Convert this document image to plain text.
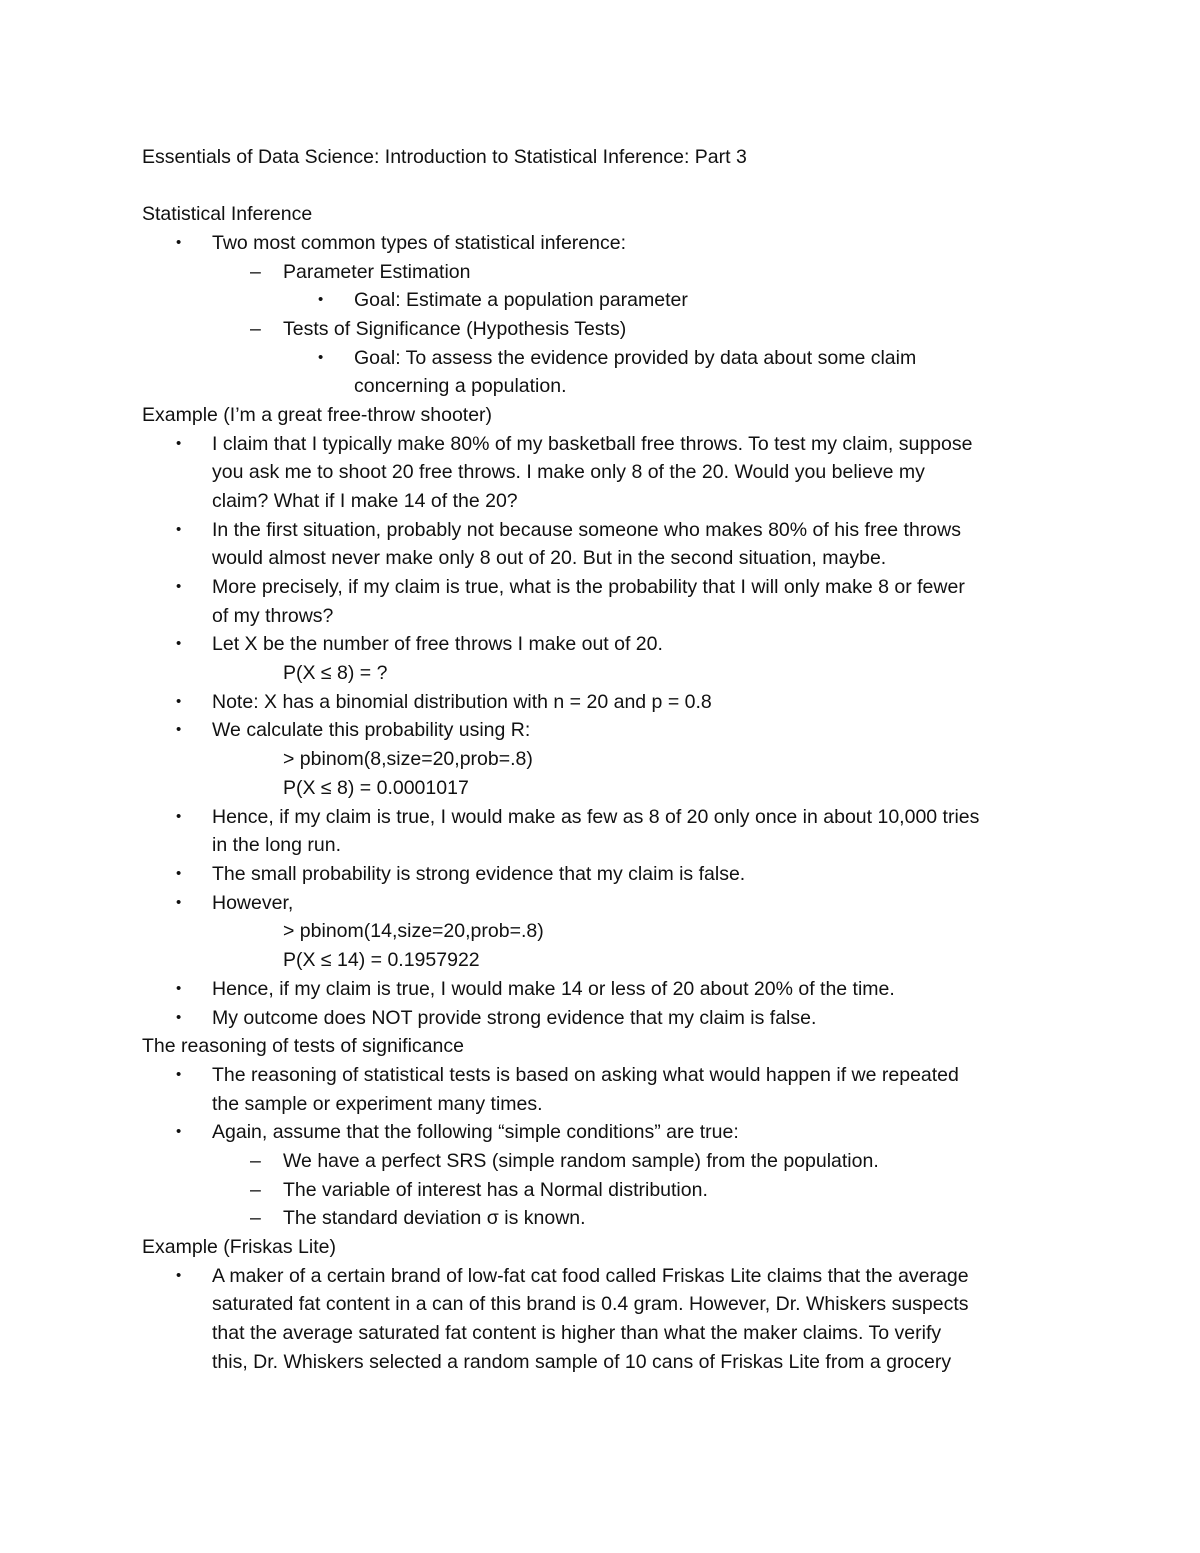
Essentials of Data Science: Introduction to Statistical Inference: Part 3
Statistical Inference
• Two most common types of statistical inference:
– Parameter Estimation
• Goal: Estimate a population parameter
– Tests of Significance (Hypothesis Tests)
• Goal: To assess the evidence provided by data about some claim
concerning a population.
Example (I’m a great free-throw shooter)
• I claim that I typically make 80% of my basketball free throws. To test my claim, suppose
you ask me to shoot 20 free throws. I make only 8 of the 20. Would you believe my
claim? What if I make 14 of the 20?
• In the first situation, probably not because someone who makes 80% of his free throws
would almost never make only 8 out of 20. But in the second situation, maybe.
• More precisely, if my claim is true, what is the probability that I will only make 8 or fewer
of my throws?
• Let X be the number of free throws I make out of 20.
P(X ≤ 8) = ?
• Note: X has a binomial distribution with n = 20 and p = 0.8
• We calculate this probability using R:
> pbinom(8,size=20,prob=.8)
P(X ≤ 8) = 0.0001017
• Hence, if my claim is true, I would make as few as 8 of 20 only once in about 10,000 tries
in the long run.
• The small probability is strong evidence that my claim is false.
• However,
> pbinom(14,size=20,prob=.8)
P(X ≤ 14) = 0.1957922
• Hence, if my claim is true, I would make 14 or less of 20 about 20% of the time.
• My outcome does NOT provide strong evidence that my claim is false.
The reasoning of tests of significance
• The reasoning of statistical tests is based on asking what would happen if we repeated
the sample or experiment many times.
• Again, assume that the following “simple conditions” are true:
– We have a perfect SRS (simple random sample) from the population.
– The variable of interest has a Normal distribution.
– The standard deviation σ is known.
Example (Friskas Lite)
• A maker of a certain brand of low-fat cat food called Friskas Lite claims that the average
saturated fat content in a can of this brand is 0.4 gram. However, Dr. Whiskers suspects
that the average saturated fat content is higher than what the maker claims. To verify
this, Dr. Whiskers selected a random sample of 10 cans of Friskas Lite from a grocery
